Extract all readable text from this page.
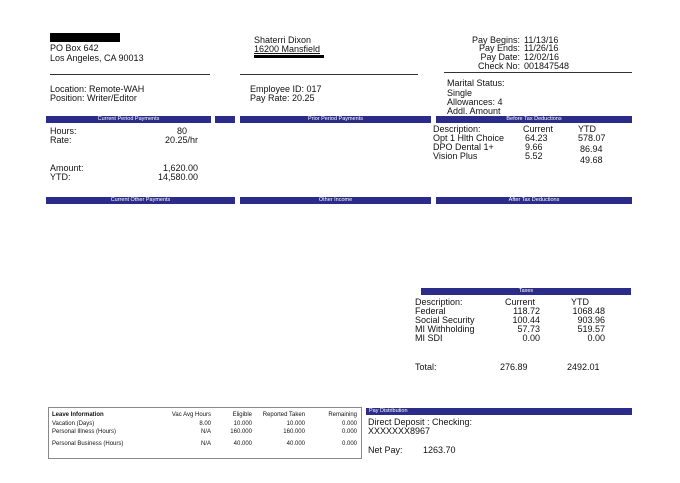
PO Box 642
Los Angeles, CA 90013
Shaterri Dixon
16200 Mansfield
Pay Begins: 11/13/16
Pay Ends: 11/26/16
Pay Date: 12/02/16
Check No: 001847548
Location: Remote-WAH
Position: Writer/Editor
Employee ID: 017
Pay Rate: 20.25
Marital Status:
Single
Allowances: 4
Addl. Amount
Current Period Payments	Prior Period Payments	Before Tax Deductions
Hours:	80
Rate:	20.25/hr
Amount:	1,620.00
YTD:	14,580.00
Description:	Current	YTD
Opt 1 Hlth Choice 64.23	578.07
DPO Dental 1+	9.66	86.94
Vision Plus	5.52	49.68
Current Other Payments	Other Income	After Tax Deductions
Taxes
Description:	Current	YTD
Federal	118.72	1068.48
Social Security	100.44	903.96
MI Withholding	57.73	519.57
MI SDI	0.00	0.00
Total:	276.89	2492.01
Leave Information	Vac Avg Hours	Eligible	Reported Taken	Remaining
Vacation (Days)	8.00	10.000	10.000	0.000
Personal Illness (Hours)	N/A	160.000	160.000	0.000
Personal Business (Hours)	N/A	40.000	40.000	0.000
Pay Distribution
Direct Deposit : Checking:
XXXXXXX8967
Net Pay: 1263.70
